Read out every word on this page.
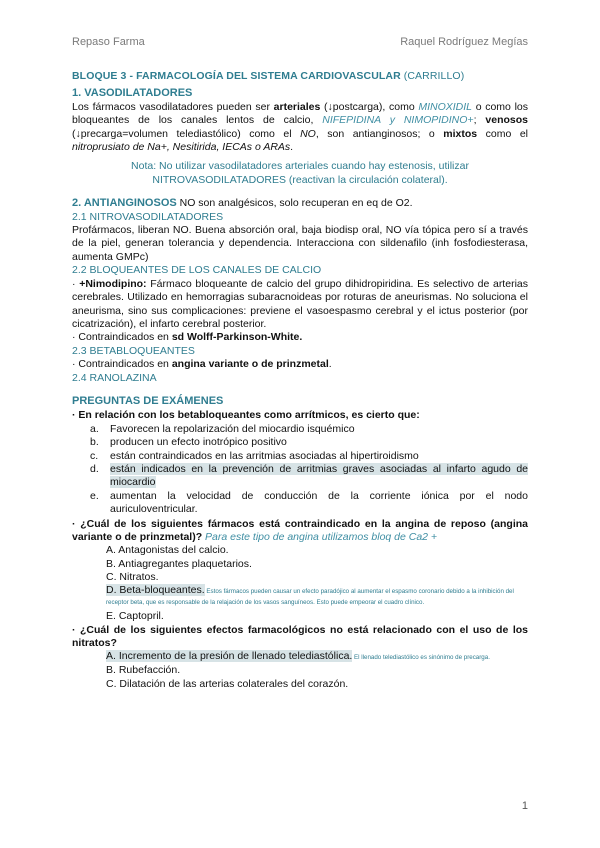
Repaso Farma	Raquel Rodríguez Megías
BLOQUE 3 - FARMACOLOGÍA DEL SISTEMA CARDIOVASCULAR (CARRILLO)
1. VASODILATADORES
Los fármacos vasodilatadores pueden ser arteriales (↓postcarga), como MINOXIDIL o como los bloqueantes de los canales lentos de calcio, NIFEPIDINA y NIMOPIDINO+; venosos (↓precarga=volumen telediastólico) como el NO, son antianginosos; o mixtos como el nitroprusiato de Na+, Nesitirida, IECAs o ARAs.
Nota: No utilizar vasodilatadores arteriales cuando hay estenosis, utilizar NITROVASODILATADORES (reactivan la circulación colateral).
2. ANTIANGINOSOS NO son analgésicos, solo recuperan en eq de O2.
2.1 NITROVASODILATADORES
Profármacos, liberan NO. Buena absorción oral, baja biodisp oral, NO vía tópica pero sí a través de la piel, generan tolerancia y dependencia. Interacciona con sildenafilo (inh fosfodiesterasa, aumenta GMPc)
2.2 BLOQUEANTES DE LOS CANALES DE CALCIO
· +Nimodipino: Fármaco bloqueante de calcio del grupo dihidropiridina. Es selectivo de arterias cerebrales. Utilizado en hemorragias subaracnoideas por roturas de aneurismas. No soluciona el aneurisma, sino sus complicaciones: previene el vasoespasmo cerebral y el ictus posterior (por cicatrización), el infarto cerebral posterior.
· Contraindicados en sd Wolff-Parkinson-White.
2.3 BETABLOQUEANTES
· Contraindicados en angina variante o de prinzmetal.
2.4 RANOLAZINA
PREGUNTAS DE EXÁMENES
· En relación con los betabloqueantes como arrítmicos, es cierto que:
a. Favorecen la repolarización del miocardio isquémico
b. producen un efecto inotrópico positivo
c. están contraindicados en las arritmias asociadas al hipertiroidismo
d. están indicados en la prevención de arritmias graves asociadas al infarto agudo de miocardio
e. aumentan la velocidad de conducción de la corriente iónica por el nodo auriculoventricular.
· ¿Cuál de los siguientes fármacos está contraindicado en la angina de reposo (angina variante o de prinzmetal)? Para este tipo de angina utilizamos bloq de Ca2 +
A. Antagonistas del calcio.
B. Antiagregantes plaquetarios.
C. Nitratos.
D. Beta-bloqueantes. Estos fármacos pueden causar un efecto paradójico al aumentar el espasmo coronario debido a la inhibición del receptor beta, que es responsable de la relajación de los vasos sanguíneos. Esto puede empeorar el cuadro clínico.
E. Captopril.
· ¿Cuál de los siguientes efectos farmacológicos no está relacionado con el uso de los nitratos?
A. Incremento de la presión de llenado telediastólica. El llenado telediastólico es sinónimo de precarga.
B. Rubefacción.
C. Dilatación de las arterias colaterales del corazón.
1
